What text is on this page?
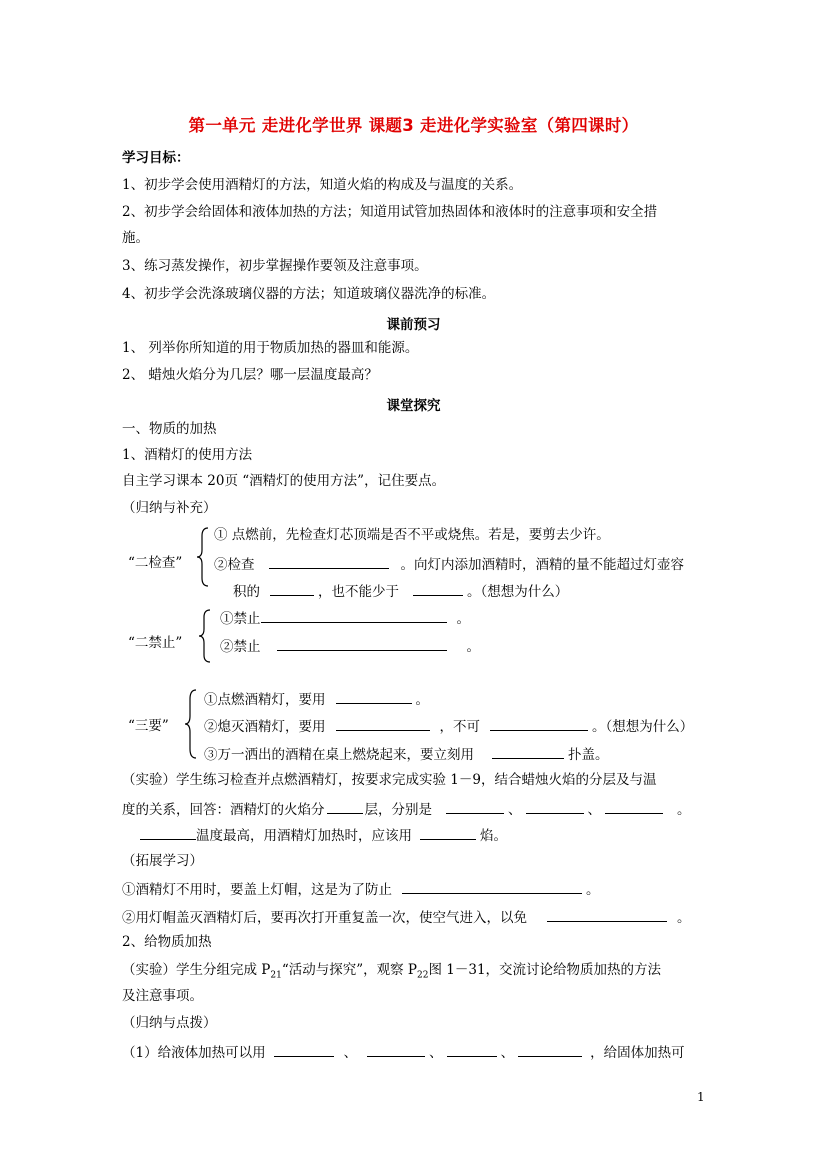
第一单元 走进化学世界 课题3 走进化学实验室（第四课时）
学习目标：
1、初步学会使用酒精灯的方法，知道火焰的构成及与温度的关系。
2、初步学会给固体和液体加热的方法；知道用试管加热固体和液体时的注意事项和安全措
施。
3、练习蒸发操作，初步掌握操作要领及注意事项。
4、初步学会洗涤玻璃仪器的方法；知道玻璃仪器洗净的标准。
课前预习
1、 列举你所知道的用于物质加热的器皿和能源。
2、 蜡烛火焰分为几层？哪一层温度最高？
课堂探究
一、物质的加热
1、酒精灯的使用方法
自主学习课本 20页 “酒精灯的使用方法”，记住要点。
（归纳与补充）
“二检查”
① 点燃前，先检查灯芯顶端是否不平或烧焦。若是，要剪去少许。
②检查	。向灯内添加酒精时，酒精的量不能超过灯壶容
积的	，也不能少于	。（想想为什么）
“二禁止”
①禁止	。
②禁止	。
“三要”
①点燃酒精灯，要用	。
②熄灭酒精灯，要用	，不可	。（想想为什么）
③万一洒出的酒精在桌上燃烧起来，要立刻用	扑盖。
（实验）学生练习检查并点燃酒精灯，按要求完成实验 1－9，结合蜡烛火焰的分层及与温
度的关系，回答：酒精灯的火焰分	层，分别是	、	、	。
温度最高，用酒精灯加热时，应该用	焰。
（拓展学习）
①酒精灯不用时，要盖上灯帽，这是为了防止	。
②用灯帽盖灭酒精灯后，要再次打开重复盖一次，使空气进入，以免	。
2、给物质加热
（实验）学生分组完成 $P_{21}“$活动与探究”，观察 $P_{22}$图 1－31，交流讨论给物质加热的方法
及注意事项。
（归纳与点拨）
（1）给液体加热可以用	、	、	、	，给固体加热可
1
